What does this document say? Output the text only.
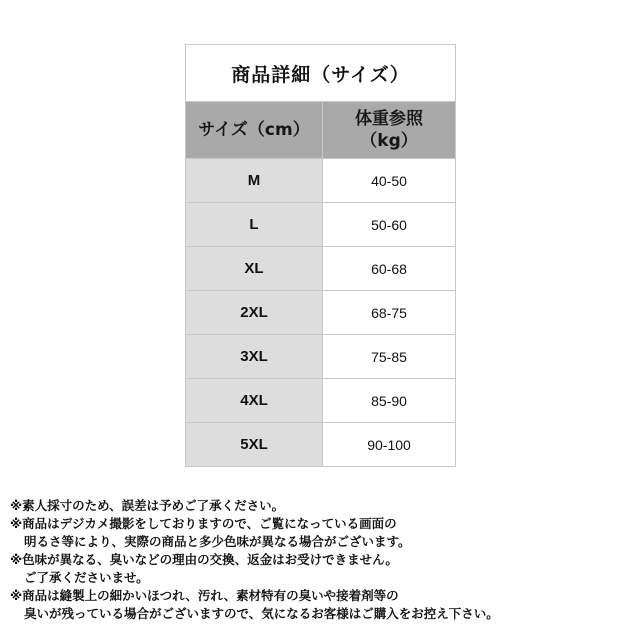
商品詳細（サイズ）	
サイズ（cm）	体重参照
（kg）

M	40-50
L	50-60
XL	60-68
2XL	68-75
3XL	75-85
4XL	85-90
5XL	90-100
※素人採寸のため、誤差は予めご了承ください。
※商品はデジカメ撮影をしておりますので、ご覧になっている画面の
明るさ等により、実際の商品と多少色味が異なる場合がございます。
※色味が異なる、臭いなどの理由の交換、返金はお受けできません。
ご了承くださいませ。
※商品は縫製上の細かいほつれ、汚れ、素材特有の臭いや接着剤等の
臭いが残っている場合がございますので、気になるお客様はご購入をお控え下さい。
